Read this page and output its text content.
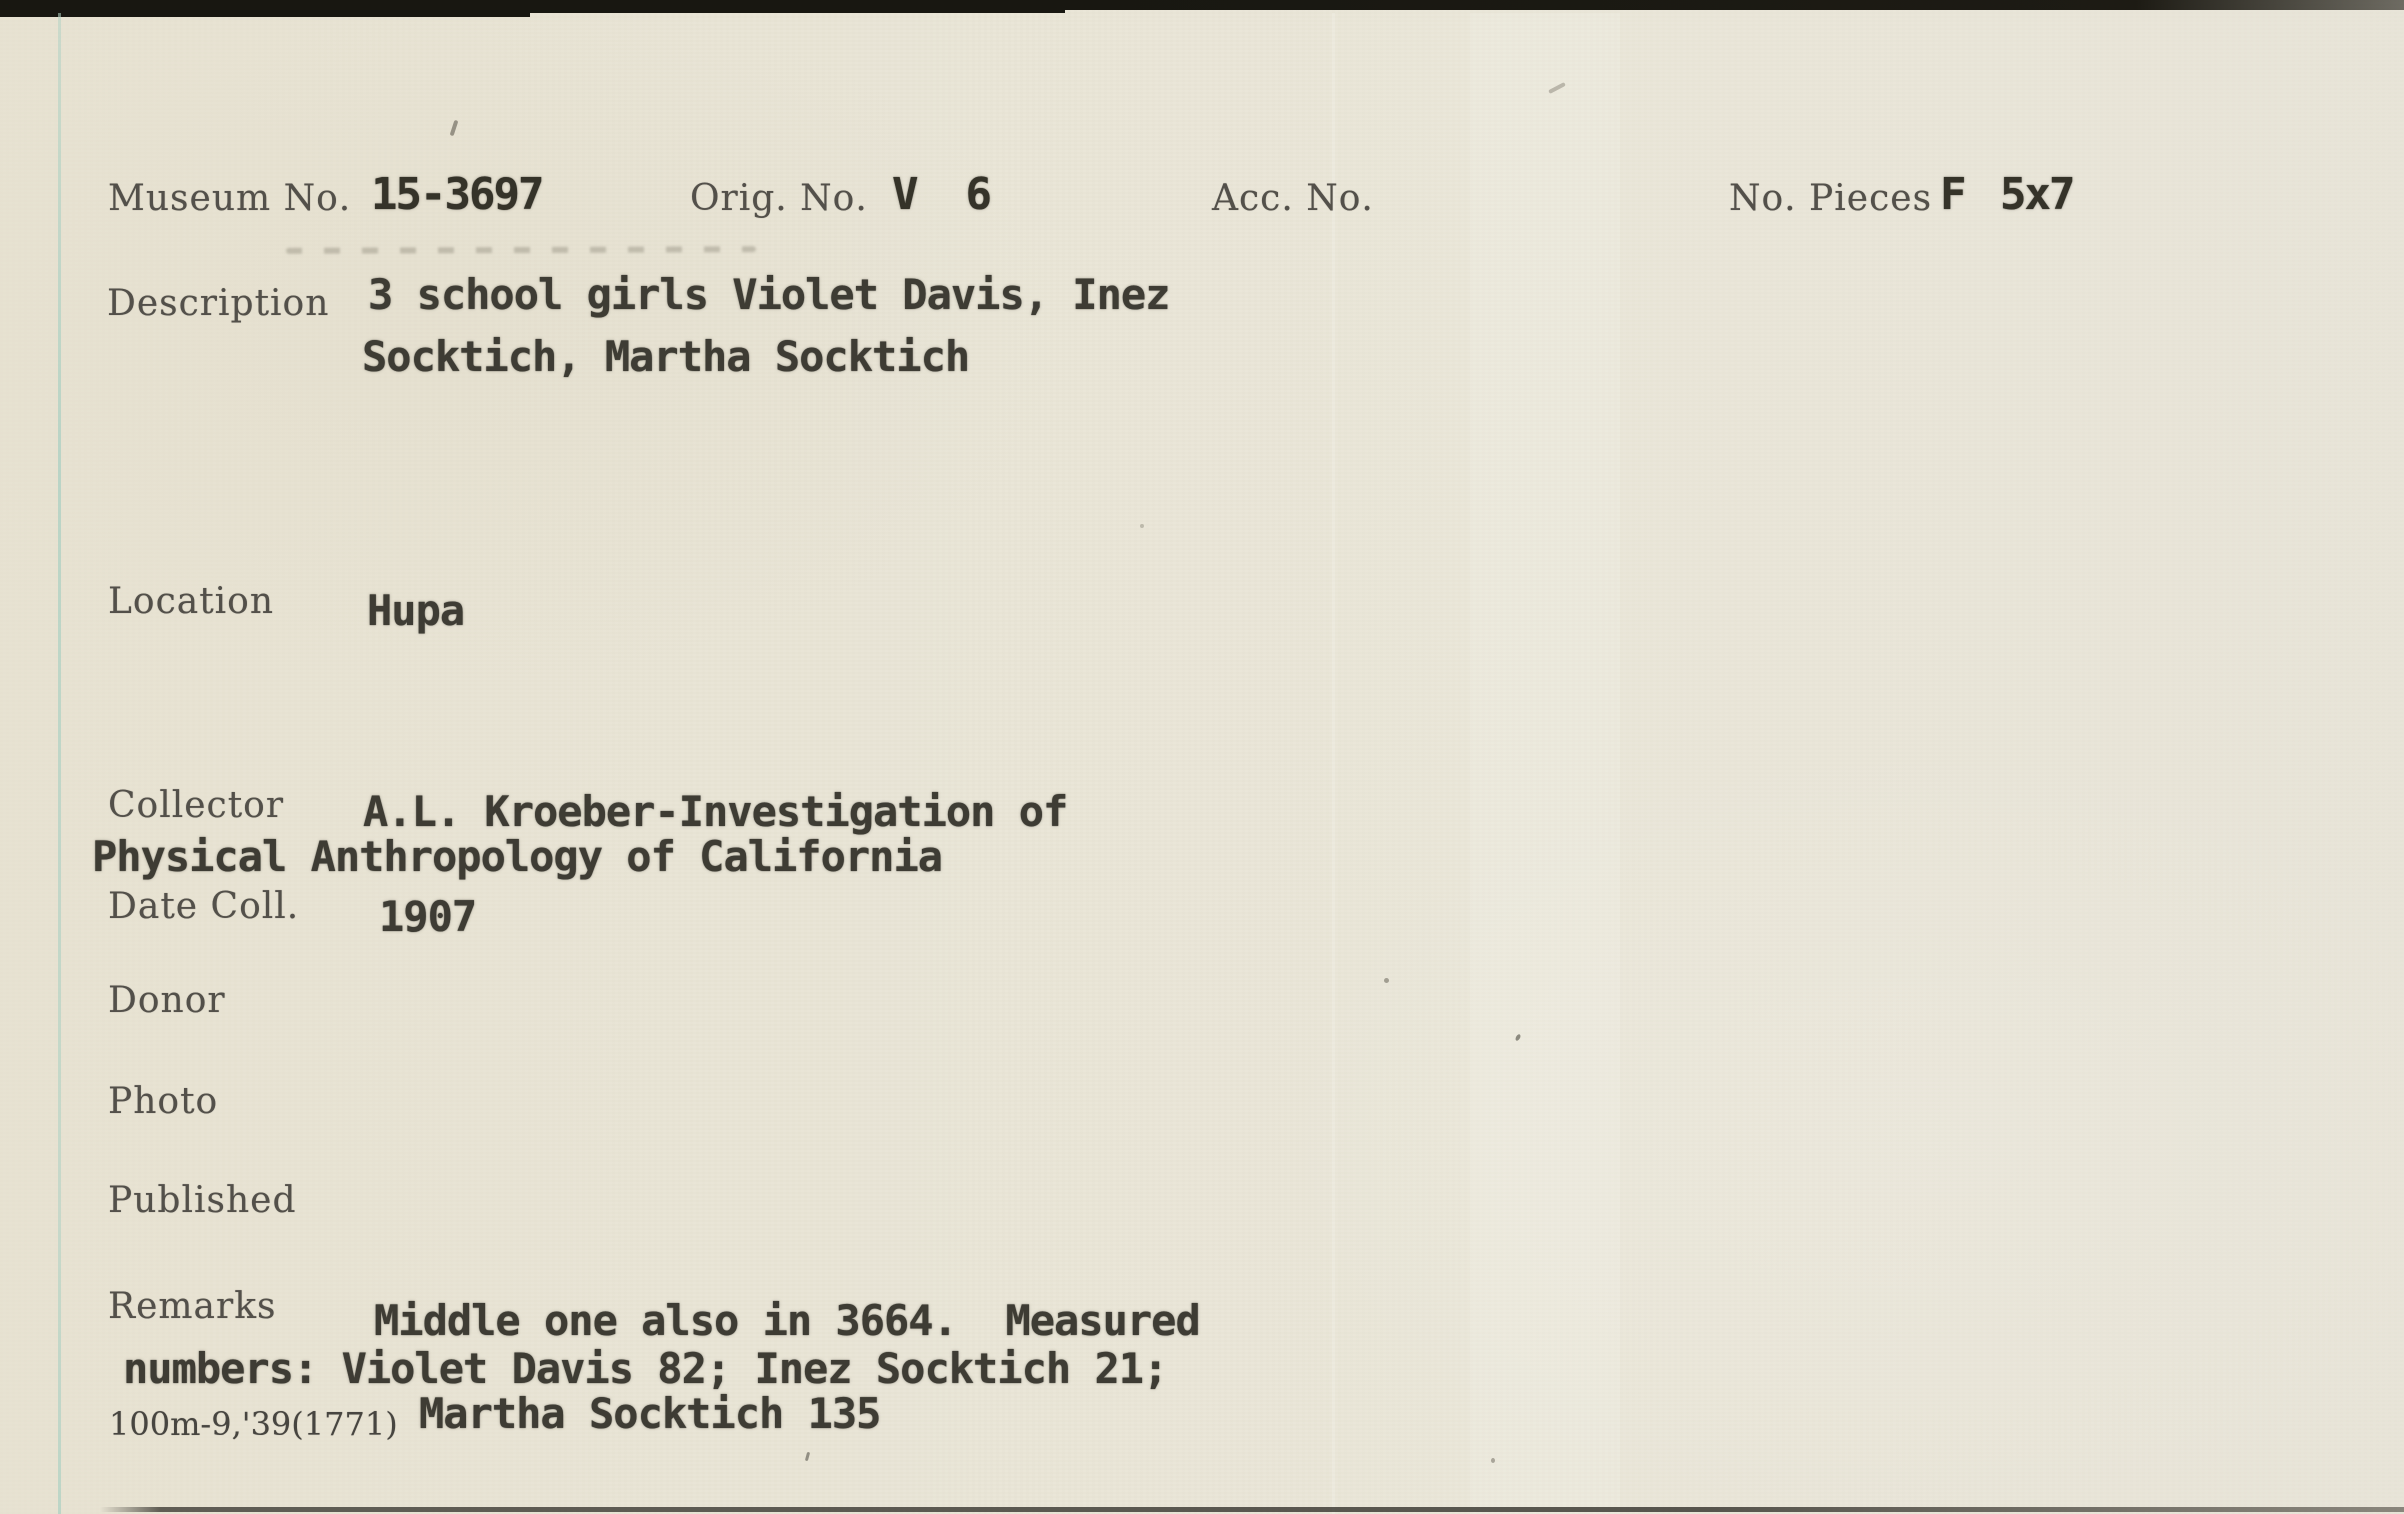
Museum No. 15-3697	Orig. No. V  6	Acc. No.	No. Pieces F 5x7
Description 3 school girls Violet Davis, Inez
Socktich, Martha Socktich
Location Hupa
Collector A.L. Kroeber-Investigation of
Physical Anthropology of California
Date Coll. 1907
Donor
Photo
Published
Remarks Middle one also in 3664.  Measured
numbers: Violet Davis 82; Inez Socktich 21;
Martha Socktich 135
100m-9,'39(1771)
